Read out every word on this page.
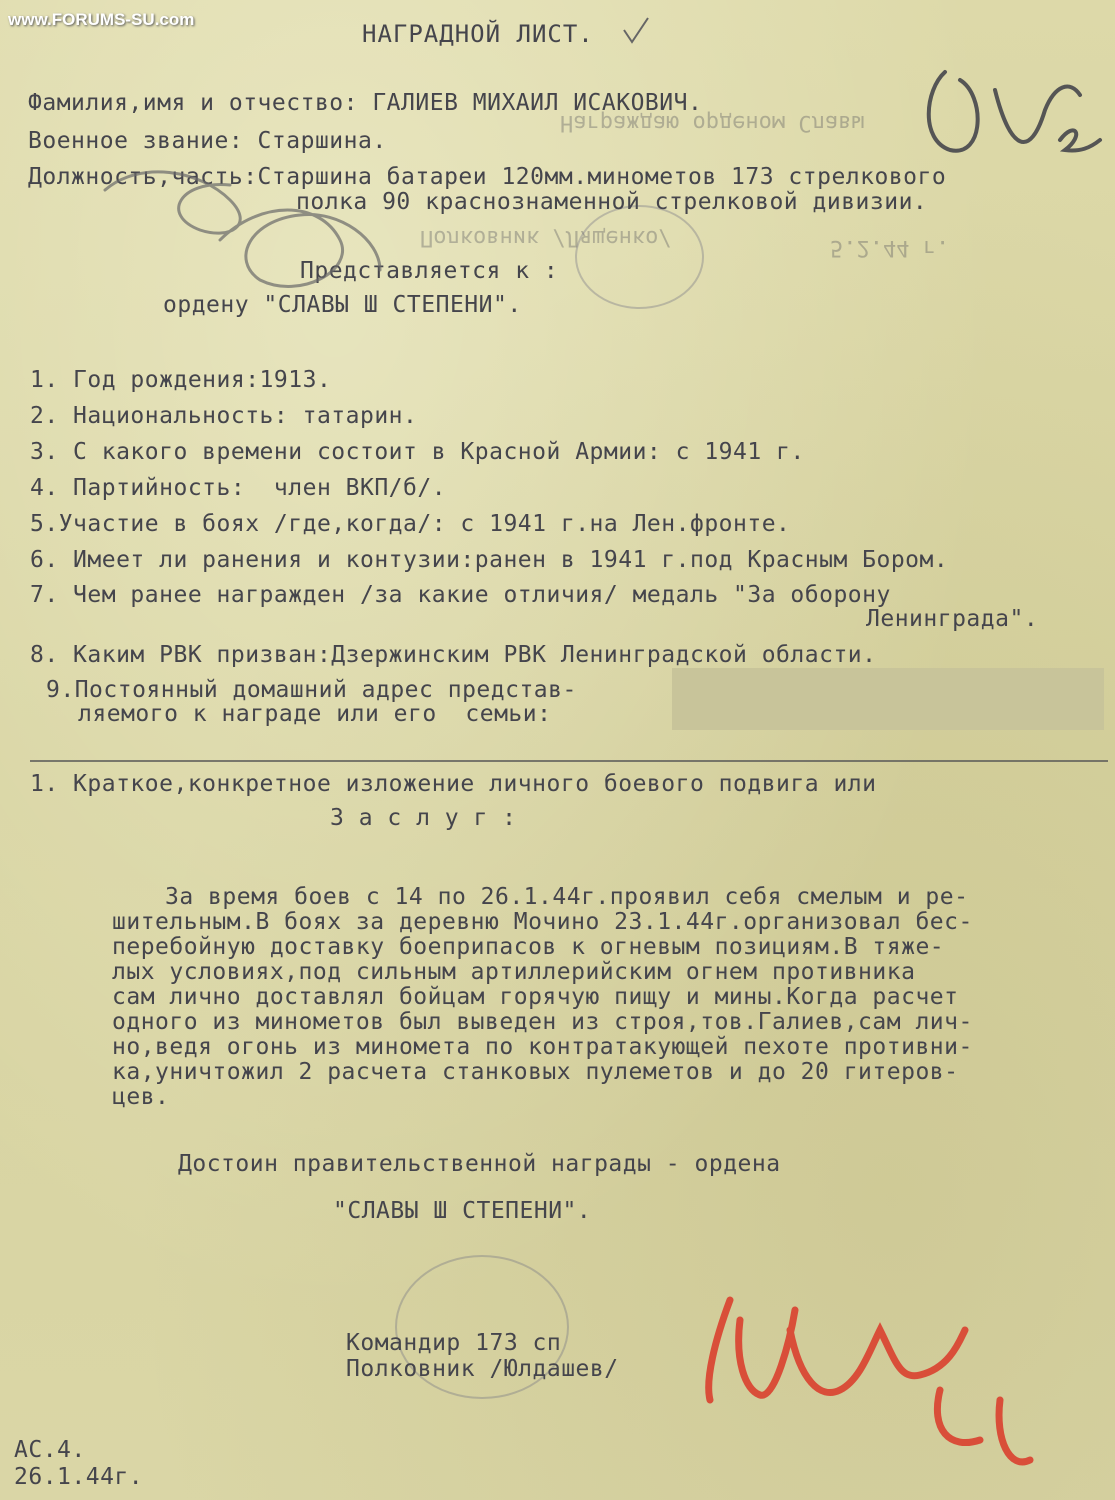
www.FORUMS-SU.com
Награждаю орденом Славы
Полковник /Лященко/	5.2.44 г.
НАГРАДНОЙ ЛИСТ.
Фамилия,имя и отчество: ГАЛИЕВ МИХАИЛ ИСАКОВИЧ.
Военное звание: Старшина.
Должность,часть:Старшина батареи 120мм.минометов 173 стрелкового
полка 90 краснознаменной стрелковой дивизии.
Представляется к :
ордену "СЛАВЫ Ш СТЕПЕНИ".
1. Год рождения:1913.
2. Национальность: татарин.
3. С какого времени состоит в Красной Армии: с 1941 г.
4. Партийность:  член ВКП/б/.
5.Участие в боях /где,когда/: с 1941 г.на Лен.фронте.
6. Имеет ли ранения и контузии:ранен в 1941 г.под Красным Бором.
7. Чем ранее награжден /за какие отличия/ медаль "За оборону
Ленинграда".
8. Каким РВК призван:Дзержинским РВК Ленинградской области.
9.Постоянный домашний адрес представ-
ляемого к награде или его  семьи:
1. Краткое,конкретное изложение личного боевого подвига или
З а с л у г :
За время боев с 14 по 26.1.44г.проявил себя смелым и ре-
шительным.В боях за деревню Мочино 23.1.44г.организовал бес-
перебойную доставку боеприпасов к огневым позициям.В тяже-
лых условиях,под сильным артиллерийским огнем противника
сам лично доставлял бойцам горячую пищу и мины.Когда расчет
одного из минометов был выведен из строя,тов.Галиев,сам лич-
но,ведя огонь из миномета по контратакующей пехоте противни-
ка,уничтожил 2 расчета станковых пулеметов и до 20 гитеров-
цев.
Достоин правительственной награды - ордена
"СЛАВЫ Ш СТЕПЕНИ".
Командир 173 сп
Полковник /Юлдашев/
АС.4.
26.1.44г.
